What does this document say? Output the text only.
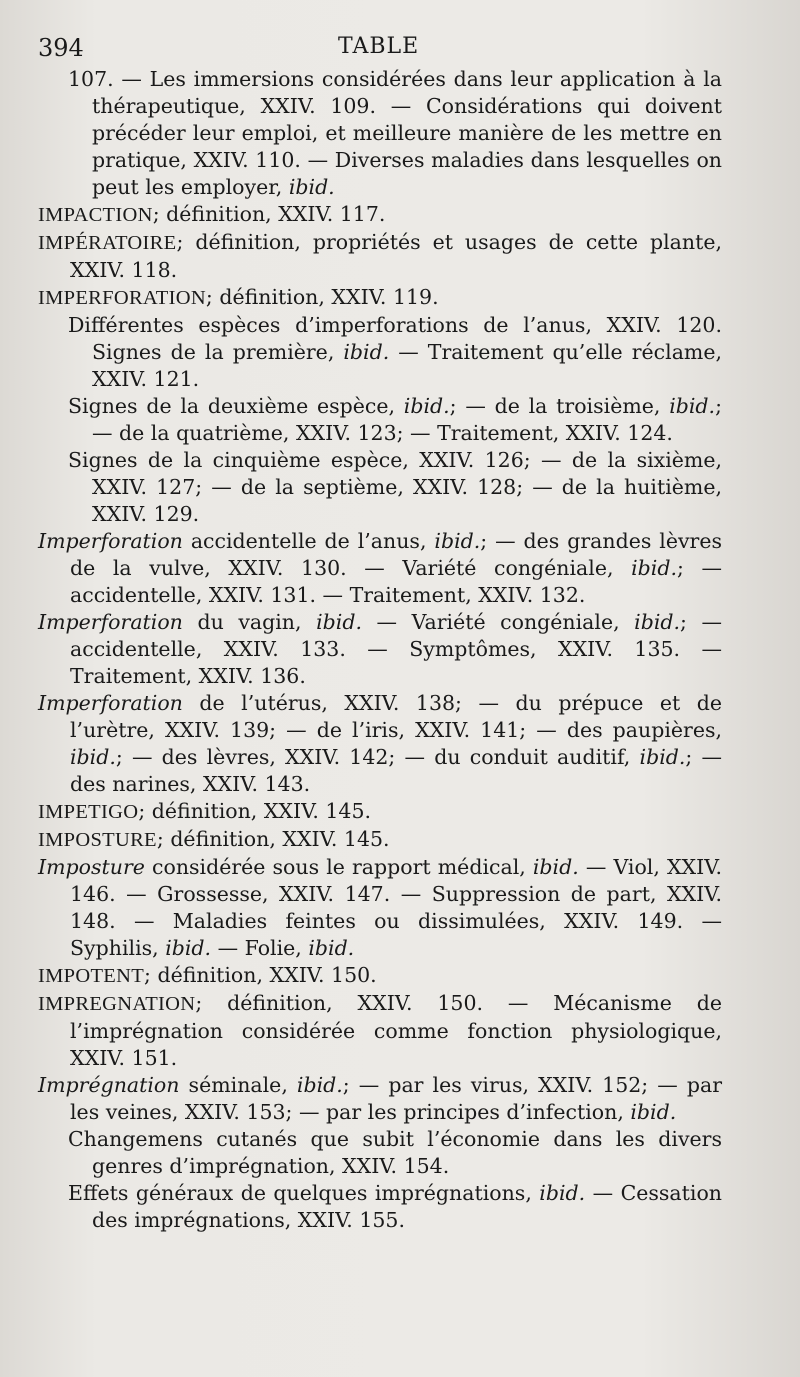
394	TABLE

107. — Les immersions considérées dans leur application à la thérapeutique, XXIV. 109. — Considérations qui doivent précéder leur emploi, et meilleure manière de les mettre en pratique, XXIV. 110. — Diverses maladies dans lesquelles on peut les employer, ibid.

IMPACTION; définition, XXIV. 117.

IMPÉRATOIRE; définition, propriétés et usages de cette plante, XXIV. 118.

IMPERFORATION; définition, XXIV. 119.

Différentes espèces d’imperforations de l’anus, XXIV. 120. Signes de la première, ibid. — Traitement qu’elle réclame, XXIV. 121.

Signes de la deuxième espèce, ibid.; — de la troisième, ibid.; — de la quatrième, XXIV. 123; — Traitement, XXIV. 124.

Signes de la cinquième espèce, XXIV. 126; — de la sixième, XXIV. 127; — de la septième, XXIV. 128; — de la huitième, XXIV. 129.

Imperforation accidentelle de l’anus, ibid.; — des grandes lèvres de la vulve, XXIV. 130. — Variété congéniale, ibid.; — accidentelle, XXIV. 131. — Traitement, XXIV. 132.

Imperforation du vagin, ibid. — Variété congéniale, ibid.; — accidentelle, XXIV. 133. — Symptômes, XXIV. 135. — Traitement, XXIV. 136.

Imperforation de l’utérus, XXIV. 138; — du prépuce et de l’urètre, XXIV. 139; — de l’iris, XXIV. 141; — des paupières, ibid.; — des lèvres, XXIV. 142; — du conduit auditif, ibid.; — des narines, XXIV. 143.

IMPETIGO; définition, XXIV. 145.

IMPOSTURE; définition, XXIV. 145.

Imposture considérée sous le rapport médical, ibid. — Viol, XXIV. 146. — Grossesse, XXIV. 147. — Suppression de part, XXIV. 148. — Maladies feintes ou dissimulées, XXIV. 149. — Syphilis, ibid. — Folie, ibid.

IMPOTENT; définition, XXIV. 150.

IMPREGNATION; définition, XXIV. 150. — Mécanisme de l’imprégnation considérée comme fonction physiologique, XXIV. 151.

Imprégnation séminale, ibid.; — par les virus, XXIV. 152; — par les veines, XXIV. 153; — par les principes d’infection, ibid.

Changemens cutanés que subit l’économie dans les divers genres d’imprégnation, XXIV. 154.

Effets généraux de quelques imprégnations, ibid. — Cessation des imprégnations, XXIV. 155.
